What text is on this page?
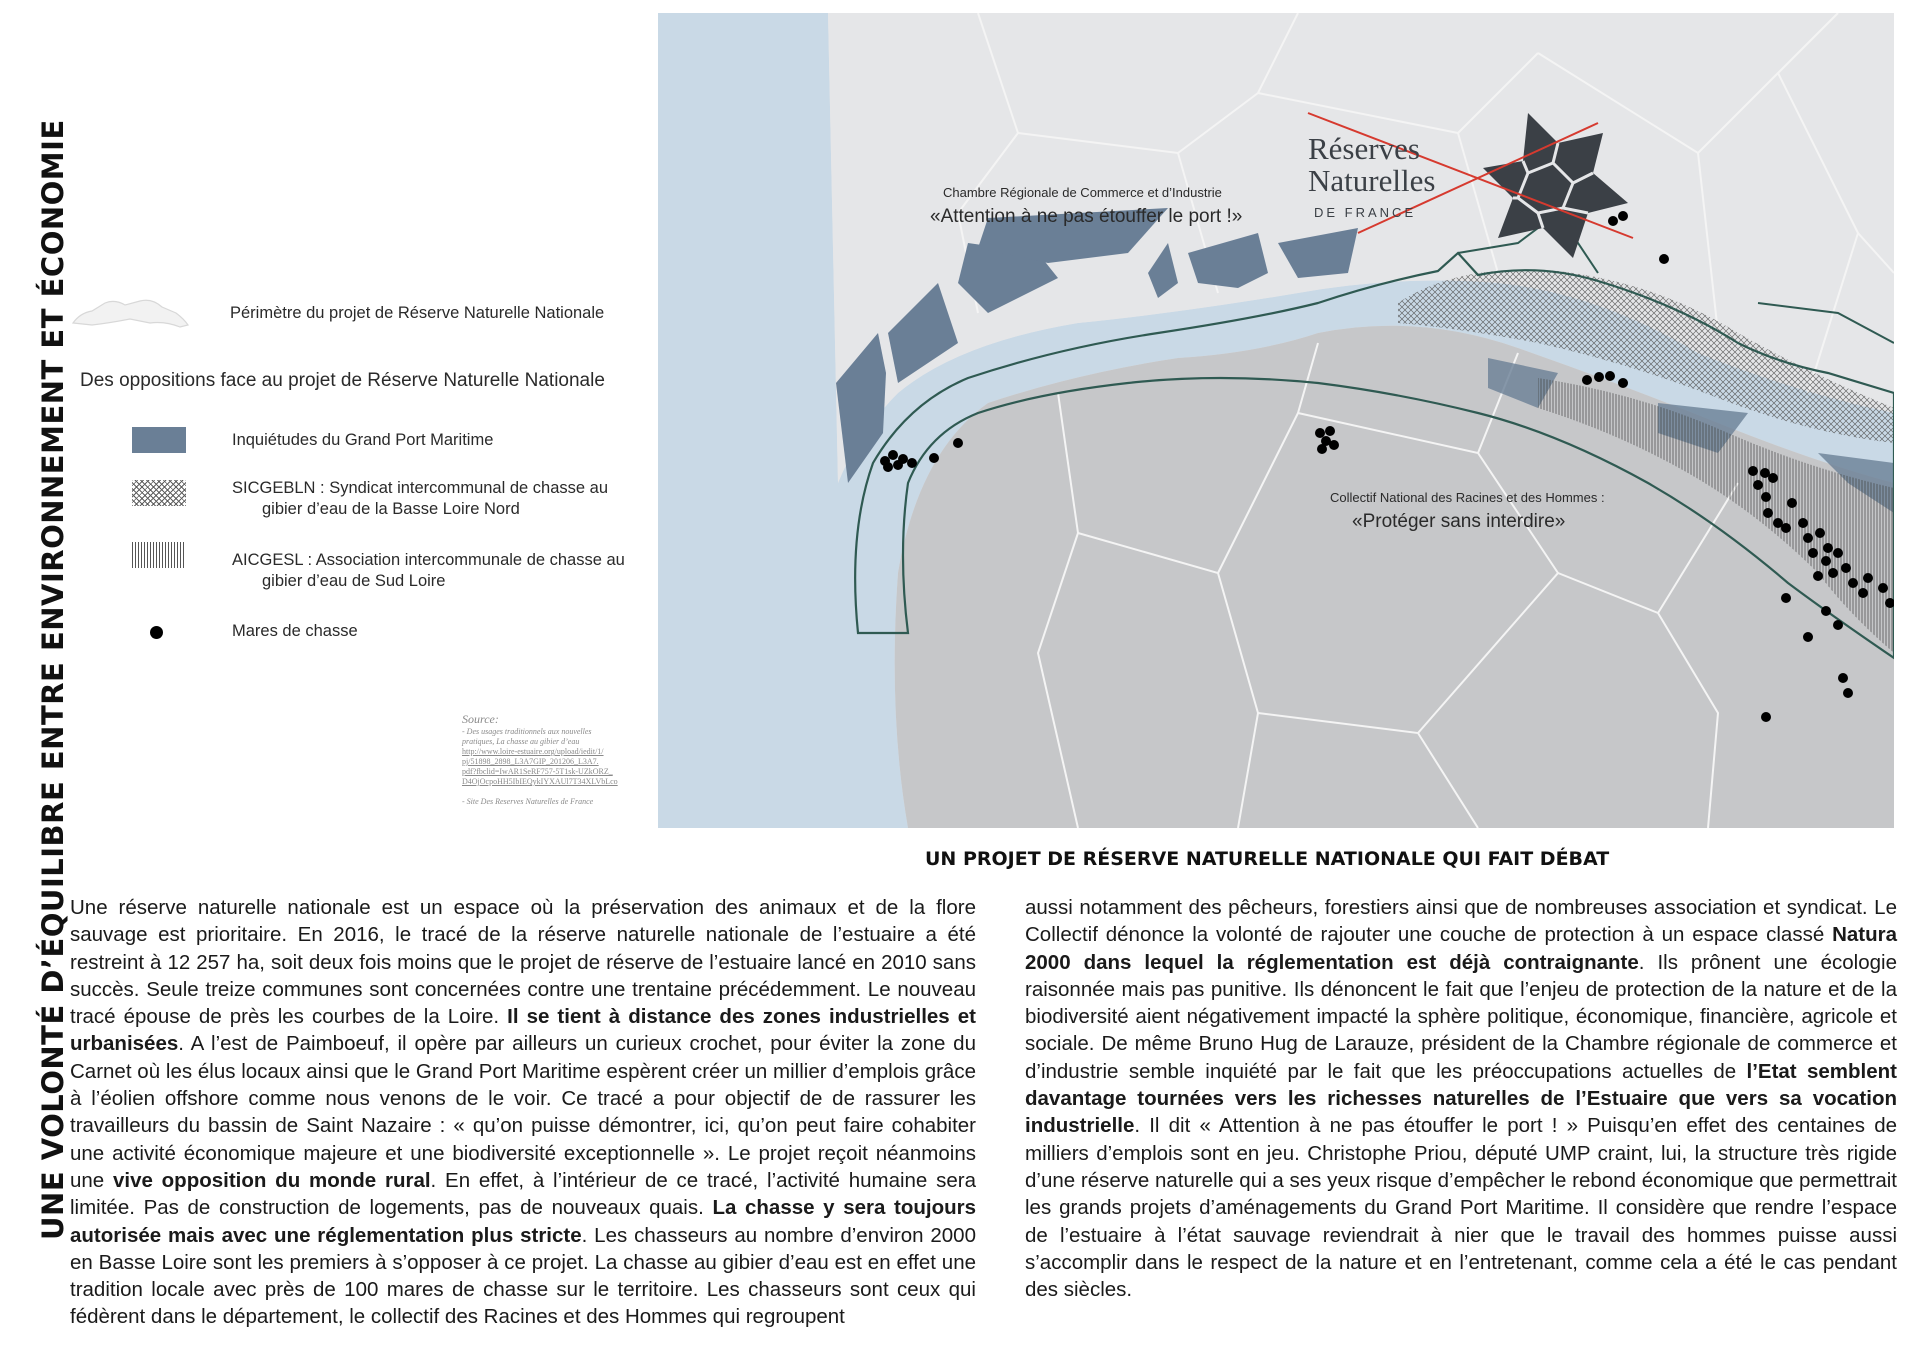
UNE VOLONTÉ D’ÉQUILIBRE ENTRE ENVIRONNEMENT ET ÉCONOMIE	Périmètre du projet de Réserve Naturelle Nationale
Des oppositions face au projet de Réserve Naturelle Nationale
Inquiétudes du Grand Port Maritime
SICGEBLN : Syndicat intercommunal de chasse au
gibier d’eau de la Basse Loire Nord
AICGESL : Association intercommunale de chasse au
gibier d’eau de Sud Loire
Mares de chasse
Source:
- Des usages traditionnels aux nouvelles
pratiques, La chasse au gibier d’eau
http://www.loire-estuaire.org/upload/iedit/1/
pj/51898_2898_L3A7GIP_201206_L3A7.
pdf?fbclid=IwAR1SeRF757-5T1sk-UZkORZ_
D4OjOcpoHH5IbIEQykIYXAUl7T34XLVbLco
- Site Des Reserves Naturelles de France
Réserves
Naturelles
DE FRANCE
Chambre Régionale de Commerce et d’Industrie
«Attention à ne pas étouffer le port !»
Collectif National des Racines et des Hommes :
«Protéger sans interdire»
UN PROJET DE RÉSERVE NATURELLE NATIONALE QUI FAIT DÉBAT
Une réserve naturelle nationale est un espace où la préservation des animaux et de la flore sauvage est prioritaire. En 2016, le tracé de la réserve naturelle nationale de l’estuaire a été restreint à 12 257 ha, soit deux fois moins que le projet de réserve de l’estuaire lancé en 2010 sans succès. Seule treize communes sont concernées contre une trentaine précédemment. Le nouveau tracé épouse de près les courbes de la Loire. Il se tient à distance des zones industrielles et urbanisées. A l’est de Paimboeuf, il opère par ailleurs un curieux crochet, pour éviter la zone du Carnet où les élus locaux ainsi que le Grand Port Maritime espèrent créer un millier d’emplois grâce à l’éolien offshore comme nous venons de le voir. Ce tracé a pour objectif de de rassurer les travailleurs du bassin de Saint Nazaire : « qu’on puisse démontrer, ici, qu’on peut faire cohabiter une activité économique majeure et une biodiversité exceptionnelle ». Le projet reçoit néanmoins une vive opposition du monde rural. En effet, à l’intérieur de ce tracé, l’activité humaine sera limitée. Pas de construction de logements, pas de nouveaux quais. La chasse y sera toujours autorisée mais avec une réglementation plus stricte. Les chasseurs au nombre d’environ 2000 en Basse Loire sont les premiers à s’opposer à ce projet. La chasse au gibier d’eau est en effet une tradition locale avec près de 100 mares de chasse sur le territoire. Les chasseurs sont ceux qui fédèrent dans le département, le collectif des Racines et des Hommes qui regroupent
aussi notamment des pêcheurs, forestiers ainsi que de nombreuses association et syndicat. Le Collectif dénonce la volonté de rajouter une couche de protection à un espace classé Natura 2000 dans lequel la réglementation est déjà contraignante. Ils prônent une écologie raisonnée mais pas punitive. Ils dénoncent le fait que l’enjeu de protection de la nature et de la biodiversité aient négativement impacté la sphère politique, économique, financière, agricole et sociale. De même Bruno Hug de Larauze, président de la Chambre régionale de commerce et d’industrie semble inquiété par le fait que les préoccupations actuelles de l’Etat semblent davantage tournées vers les richesses naturelles de l’Estuaire que vers sa vocation industrielle. Il dit « Attention à ne pas étouffer le port ! » Puisqu’en effet des centaines de milliers d’emplois sont en jeu. Christophe Priou, député UMP craint, lui, la structure très rigide d’une réserve naturelle qui a ses yeux risque d’empêcher le rebond économique que permettrait les grands projets d’aménagements du Grand Port Maritime. Il considère que rendre l’espace de l’estuaire à l’état sauvage reviendrait à nier que le travail des hommes puisse aussi s’accomplir dans le respect de la nature et en l’entretenant, comme cela a été le cas pendant des siècles.
